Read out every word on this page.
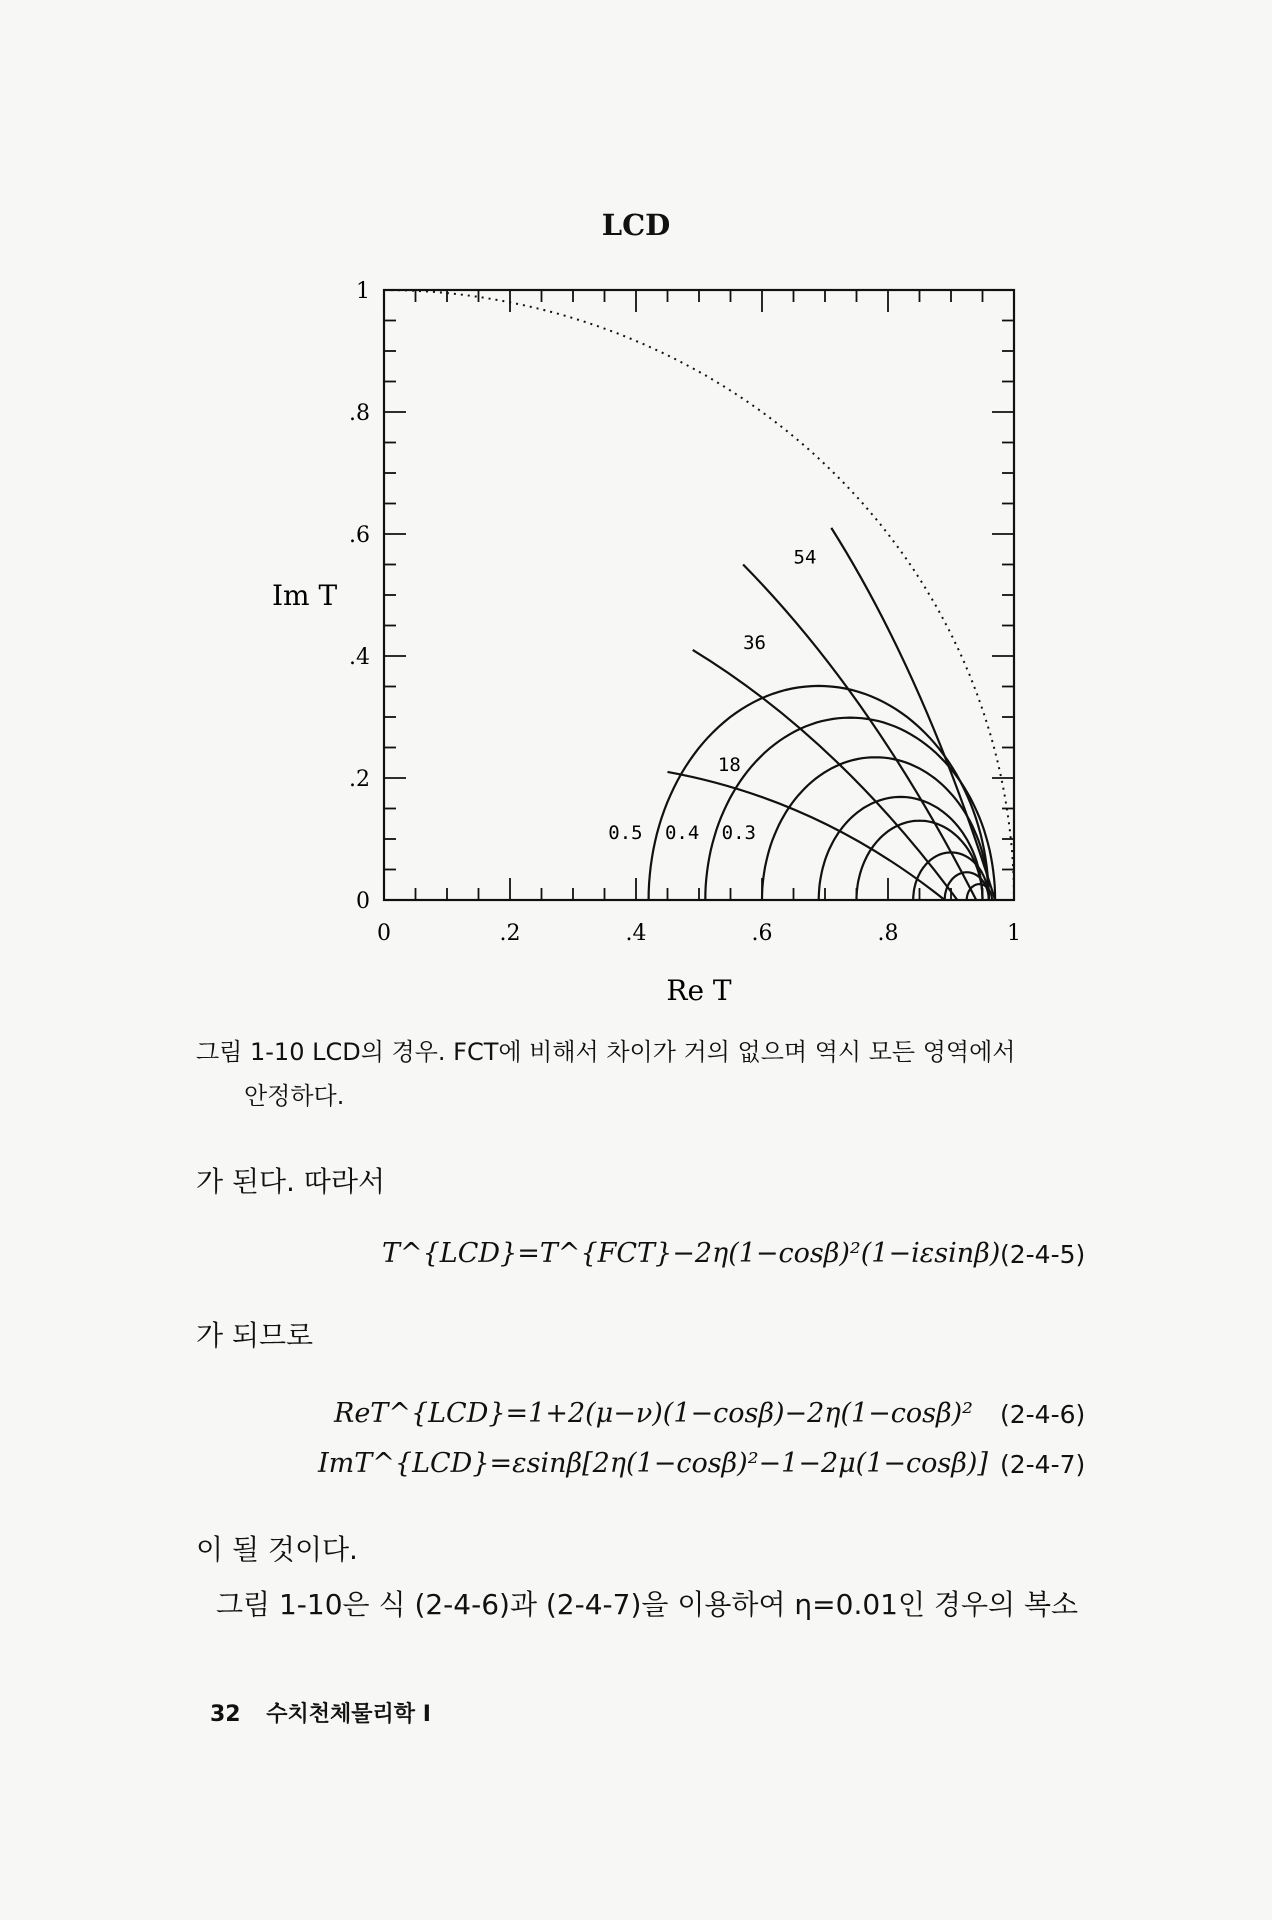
LCD
0	.2	.4	.6	.8	1
0
.2
.4
.6
.8
1
Re T
Im T
0.5 0.4 0.3
18
36
54
그림 1-10 LCD의 경우. FCT에 비해서 차이가 거의 없으며 역시 모든 영역에서
안정하다.
가 된다. 따라서
T^{LCD}=T^{FCT}−2η(1−cosβ)²(1−iεsinβ) (2-4-5)
가 되므로
ReT^{LCD}=1+2(μ−ν)(1−cosβ)−2η(1−cosβ)² (2-4-6)
ImT^{LCD}=εsinβ[2η(1−cosβ)²−1−2μ(1−cosβ)] (2-4-7)
이 될 것이다.
그림 1-10은 식 (2-4-6)과 (2-4-7)을 이용하여 η=0.01인 경우의 복소
32 수치천체물리학 I
